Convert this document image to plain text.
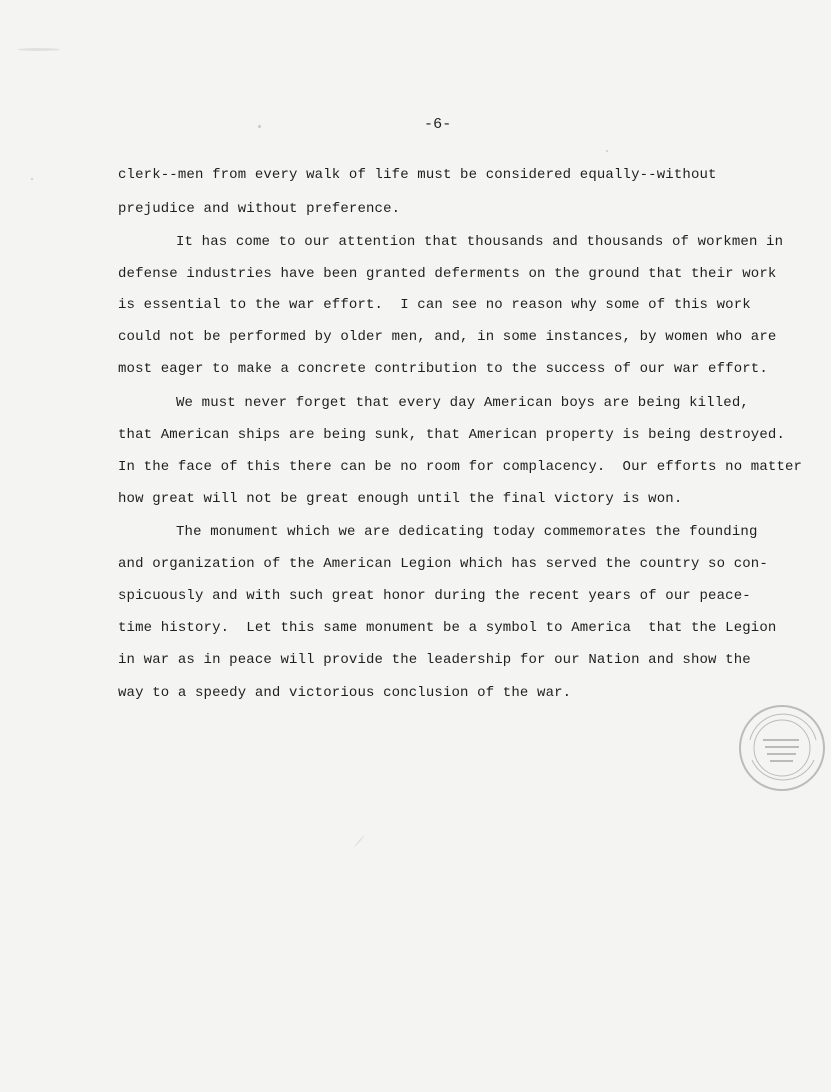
-6-
clerk--men from every walk of life must be considered equally--without
prejudice and without preference.
It has come to our attention that thousands and thousands of workmen in
defense industries have been granted deferments on the ground that their work
is essential to the war effort.  I can see no reason why some of this work
could not be performed by older men, and, in some instances, by women who are
most eager to make a concrete contribution to the success of our war effort.
We must never forget that every day American boys are being killed,
that American ships are being sunk, that American property is being destroyed.
In the face of this there can be no room for complacency.  Our efforts no matter
how great will not be great enough until the final victory is won.
The monument which we are dedicating today commemorates the founding
and organization of the American Legion which has served the country so con-
spicuously and with such great honor during the recent years of our peace-
time history.  Let this same monument be a symbol to America  that the Legion
in war as in peace will provide the leadership for our Nation and show the
way to a speedy and victorious conclusion of the war.
